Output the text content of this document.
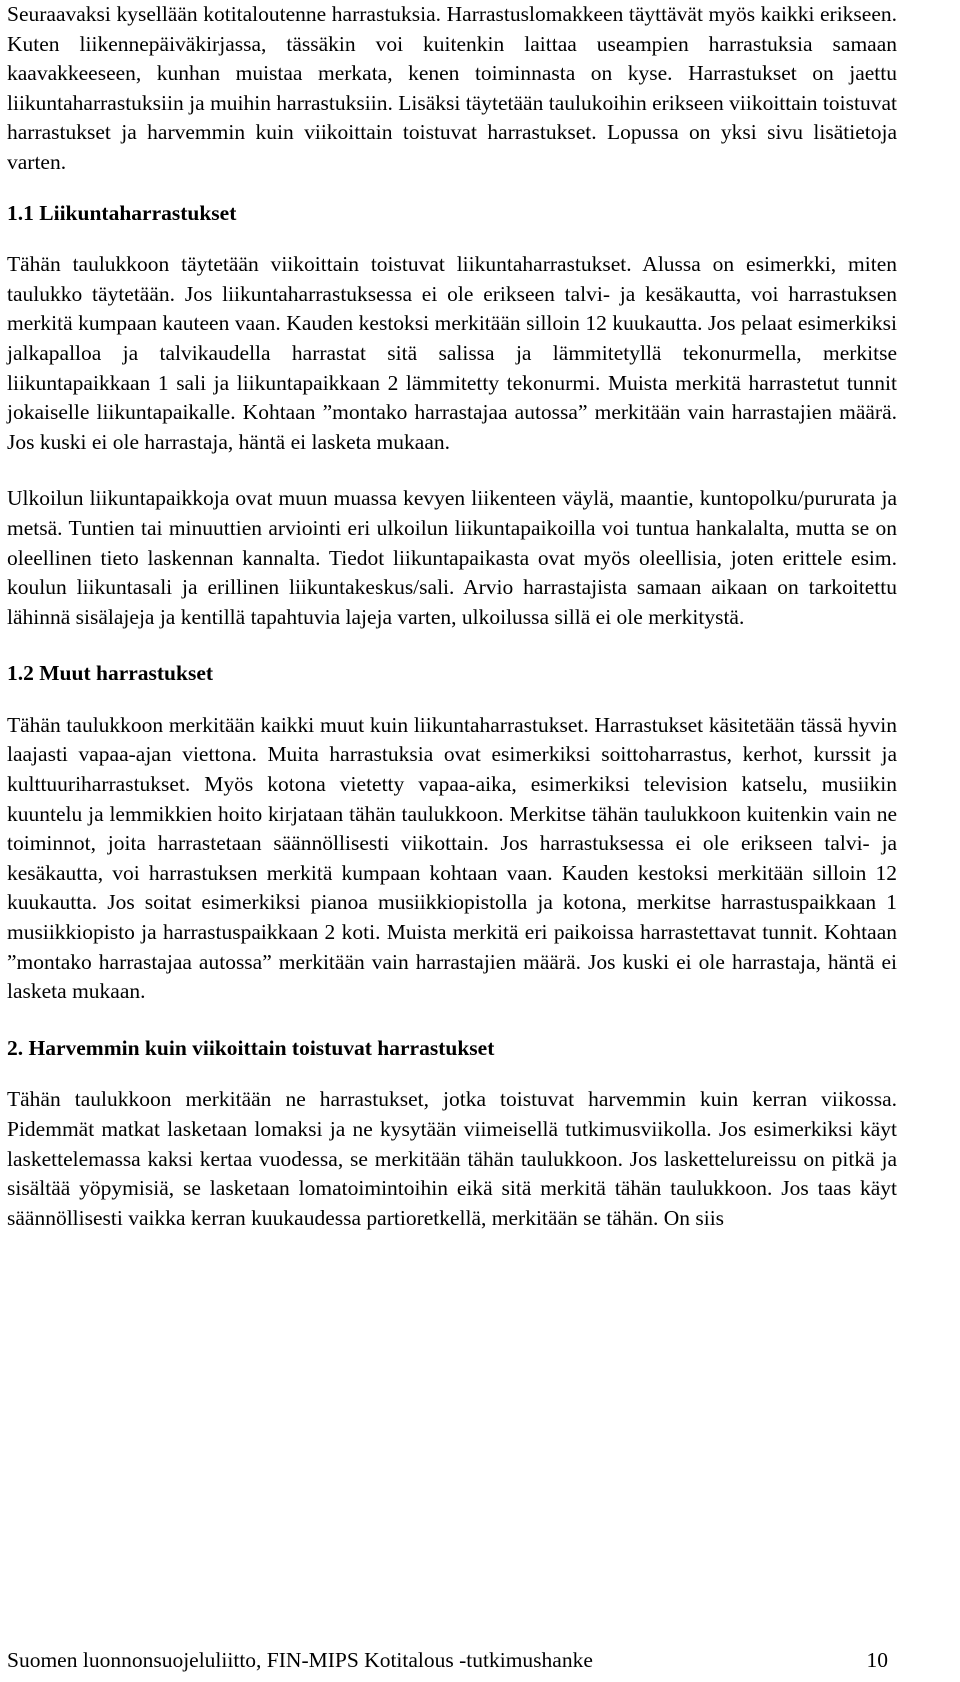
Seuraavaksi kysellään kotitaloutenne harrastuksia. Harrastuslomakkeen täyttävät myös kaikki erikseen. Kuten liikennepäiväkirjassa, tässäkin voi kuitenkin laittaa useampien harrastuksia samaan kaavakkeeseen, kunhan muistaa merkata, kenen toiminnasta on kyse. Harrastukset on jaettu liikuntaharrastuksiin ja muihin harrastuksiin. Lisäksi täytetään taulukoihin erikseen viikoittain toistuvat harrastukset ja harvemmin kuin viikoittain toistuvat harrastukset. Lopussa on yksi sivu lisätietoja varten.

1.1 Liikuntaharrastukset

Tähän taulukkoon täytetään viikoittain toistuvat liikuntaharrastukset. Alussa on esimerkki, miten taulukko täytetään. Jos liikuntaharrastuksessa ei ole erikseen talvi- ja kesäkautta, voi harrastuksen merkitä kumpaan kauteen vaan. Kauden kestoksi merkitään silloin 12 kuukautta. Jos pelaat esimerkiksi jalkapalloa ja talvikaudella harrastat sitä salissa ja lämmitetyllä tekonurmella, merkitse liikuntapaikkaan 1 sali ja liikuntapaikkaan 2 lämmitetty tekonurmi. Muista merkitä harrastetut tunnit jokaiselle liikuntapaikalle. Kohtaan ”montako harrastajaa autossa” merkitään vain harrastajien määrä. Jos kuski ei ole harrastaja, häntä ei lasketa mukaan.

Ulkoilun liikuntapaikkoja ovat muun muassa kevyen liikenteen väylä, maantie, kuntopolku/pururata ja metsä. Tuntien tai minuuttien arviointi eri ulkoilun liikuntapaikoilla voi tuntua hankalalta, mutta se on oleellinen tieto laskennan kannalta. Tiedot liikuntapaikasta ovat myös oleellisia, joten erittele esim. koulun liikuntasali ja erillinen liikuntakeskus/sali. Arvio harrastajista samaan aikaan on tarkoitettu lähinnä sisälajeja ja kentillä tapahtuvia lajeja varten, ulkoilussa sillä ei ole merkitystä.

1.2 Muut harrastukset

Tähän taulukkoon merkitään kaikki muut kuin liikuntaharrastukset. Harrastukset käsitetään tässä hyvin laajasti vapaa-ajan viettona. Muita harrastuksia ovat esimerkiksi soittoharrastus, kerhot, kurssit ja kulttuuriharrastukset. Myös kotona vietetty vapaa-aika, esimerkiksi television katselu, musiikin kuuntelu ja lemmikkien hoito kirjataan tähän taulukkoon. Merkitse tähän taulukkoon kuitenkin vain ne toiminnot, joita harrastetaan säännöllisesti viikottain. Jos harrastuksessa ei ole erikseen talvi- ja kesäkautta, voi harrastuksen merkitä kumpaan kohtaan vaan. Kauden kestoksi merkitään silloin 12 kuukautta. Jos soitat esimerkiksi pianoa musiikkiopistolla ja kotona, merkitse harrastuspaikkaan 1 musiikkiopisto ja harrastuspaikkaan 2 koti. Muista merkitä eri paikoissa harrastettavat tunnit. Kohtaan ”montako harrastajaa autossa” merkitään vain harrastajien määrä. Jos kuski ei ole harrastaja, häntä ei lasketa mukaan.

2. Harvemmin kuin viikoittain toistuvat harrastukset

Tähän taulukkoon merkitään ne harrastukset, jotka toistuvat harvemmin kuin kerran viikossa. Pidemmät matkat lasketaan lomaksi ja ne kysytään viimeisellä tutkimusviikolla. Jos esimerkiksi käyt laskettelemassa kaksi kertaa vuodessa, se merkitään tähän taulukkoon. Jos laskettelureissu on pitkä ja sisältää yöpymisiä, se lasketaan lomatoimintoihin eikä sitä merkitä tähän taulukkoon. Jos taas käyt säännöllisesti vaikka kerran kuukaudessa partioretkellä, merkitään se tähän. On siis

Suomen luonnonsuojeluliitto, FIN-MIPS Kotitalous -tutkimushanke	10
